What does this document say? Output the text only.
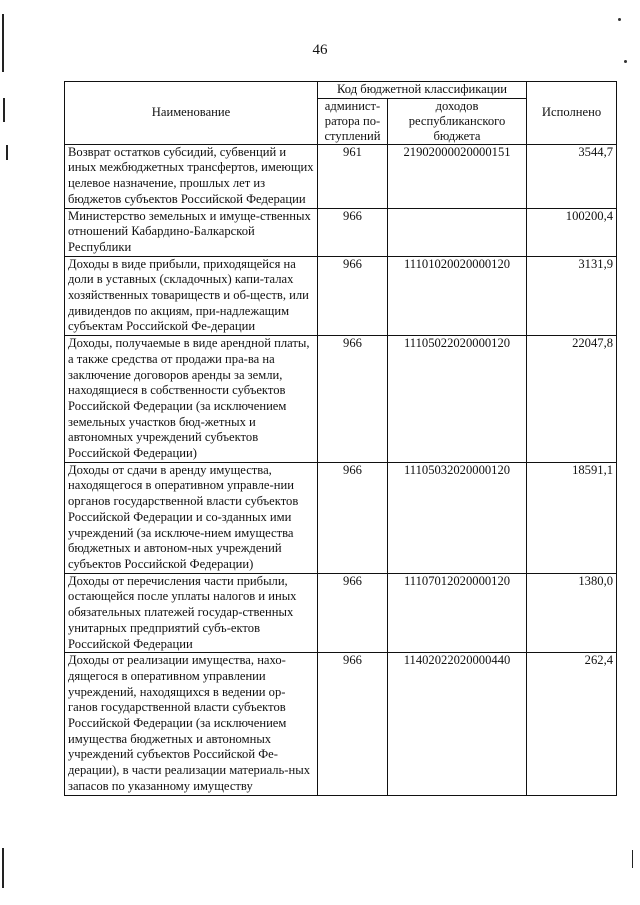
46
Наименование	Код бюджетной классификации		Исполнено
	админист-ратора по-ступлений	доходов республиканского бюджета	
Возврат остатков субсидий, субвенций и иных межбюджетных трансфертов, имеющих целевое назначение, прошлых лет из бюджетов субъектов Российской Федерации	961	21902000020000151	3544,7
Министерство земельных и имуще-ственных отношений Кабардино-Балкарской Республики	966		100200,4
Доходы в виде прибыли, приходящейся на доли в уставных (складочных) капи-талах хозяйственных товариществ и об-ществ, или дивидендов по акциям, при-надлежащим субъектам Российской Фе-дерации	966	11101020020000120	3131,9
Доходы, получаемые в виде арендной платы, а также средства от продажи пра-ва на заключение договоров аренды за земли, находящиеся в собственности субъектов Российской Федерации (за исключением земельных участков бюд-жетных и автономных учреждений субъектов Российской Федерации)	966	11105022020000120	22047,8
Доходы от сдачи в аренду имущества, находящегося в оперативном управле-нии органов государственной власти субъектов Российской Федерации и со-зданных ими учреждений (за исключе-нием имущества бюджетных и автоном-ных учреждений субъектов Российской Федерации)	966	11105032020000120	18591,1
Доходы от перечисления части прибыли, остающейся после уплаты налогов и иных обязательных платежей государ-ственных унитарных предприятий субъ-ектов Российской Федерации	966	11107012020000120	1380,0
Доходы от реализации имущества, нахо-дящегося в оперативном управлении учреждений, находящихся в ведении ор-ганов государственной власти субъектов Российской Федерации (за исключением имущества бюджетных и автономных учреждений субъектов Российской Фе-дерации), в части реализации материаль-ных запасов по указанному имуществу	966	11402022020000440	262,4
